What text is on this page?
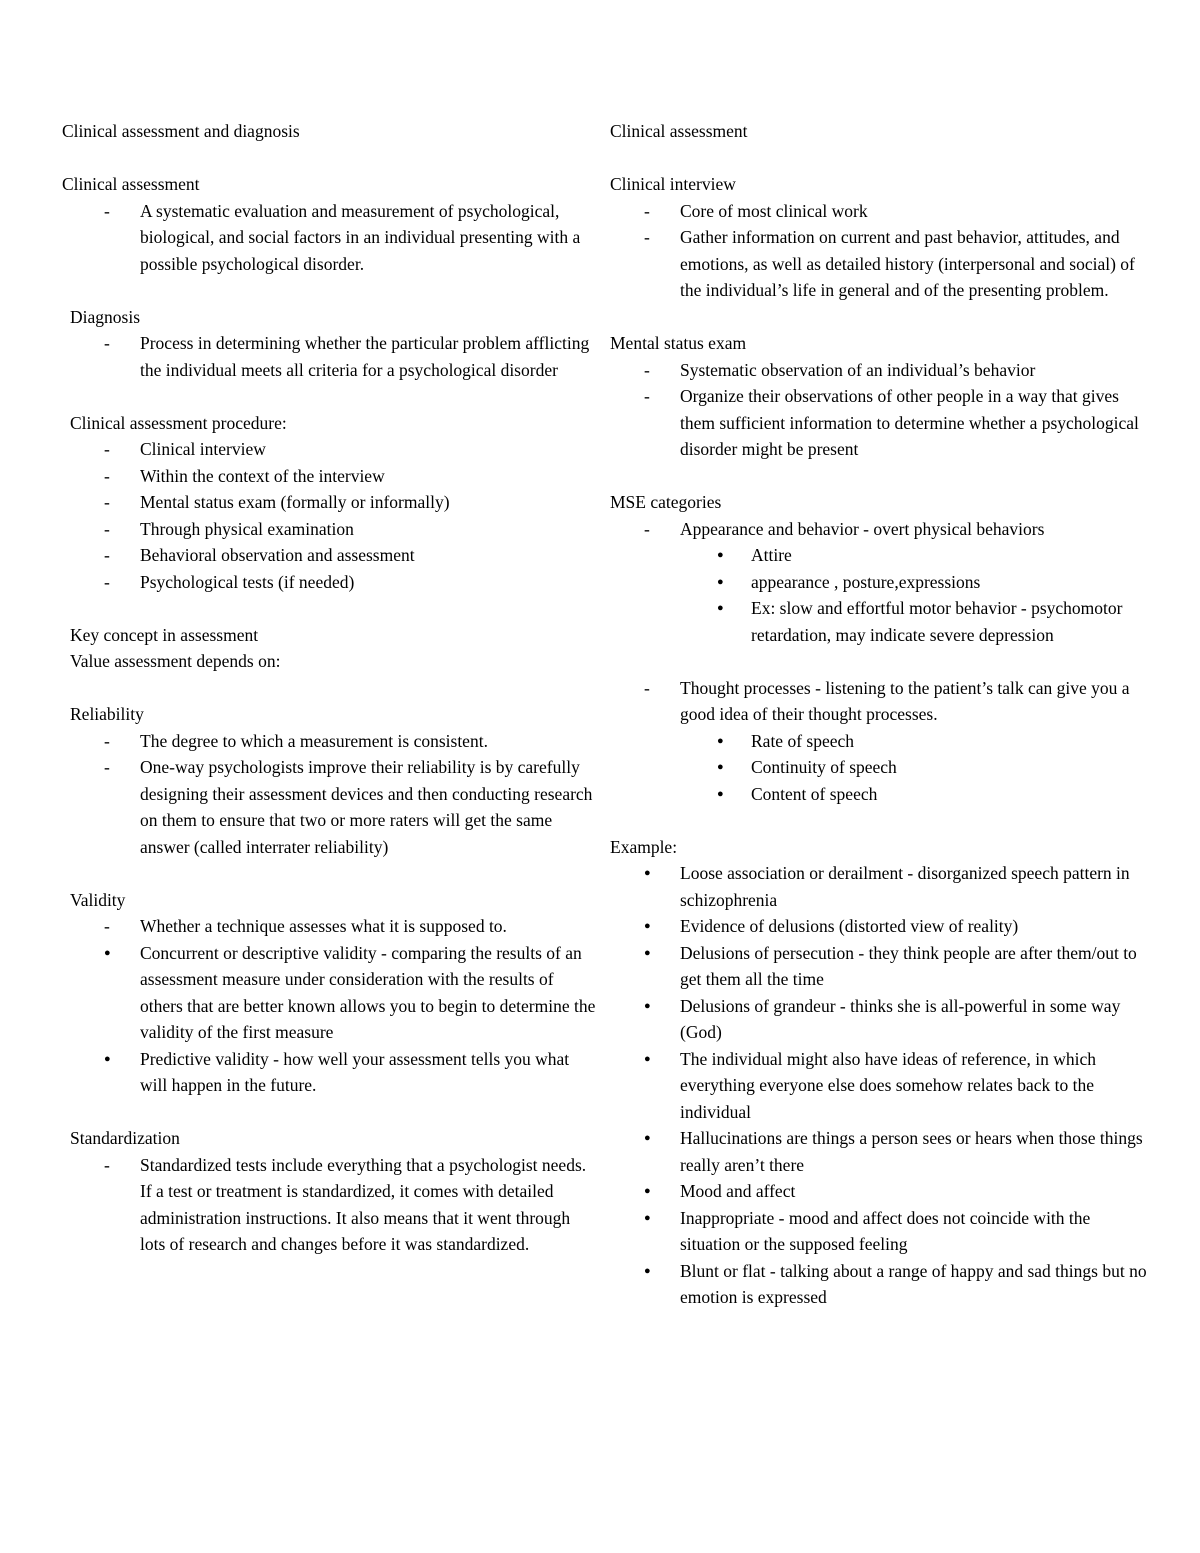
Clinical assessment and diagnosis
Clinical assessment
- A systematic evaluation and measurement of psychological, biological, and social factors in an individual presenting with a possible psychological disorder.
Diagnosis
- Process in determining whether the particular problem afflicting the individual meets all criteria for a psychological disorder
Clinical assessment procedure:
- Clinical interview
- Within the context of the interview
- Mental status exam (formally or informally)
- Through physical examination
- Behavioral observation and assessment
- Psychological tests (if needed)
Key concept in assessment
Value assessment depends on:
Reliability
- The degree to which a measurement is consistent.
- One-way psychologists improve their reliability is by carefully designing their assessment devices and then conducting research on them to ensure that two or more raters will get the same answer (called interrater reliability)
Validity
- Whether a technique assesses what it is supposed to.
● Concurrent or descriptive validity - comparing the results of an assessment measure under consideration with the results of others that are better known allows you to begin to determine the validity of the first measure
● Predictive validity - how well your assessment tells you what will happen in the future.
Standardization
- Standardized tests include everything that a psychologist needs. If a test or treatment is standardized, it comes with detailed administration instructions. It also means that it went through lots of research and changes before it was standardized.
Clinical assessment
Clinical interview
- Core of most clinical work
- Gather information on current and past behavior, attitudes, and emotions, as well as detailed history (interpersonal and social) of the individual’s life in general and of the presenting problem.
Mental status exam
- Systematic observation of an individual’s behavior
- Organize their observations of other people in a way that gives them sufficient information to determine whether a psychological disorder might be present
MSE categories
- Appearance and behavior - overt physical behaviors
● Attire
● appearance , posture,expressions
● Ex: slow and effortful motor behavior - psychomotor retardation, may indicate severe depression
- Thought processes - listening to the patient’s talk can give you a good idea of their thought processes.
● Rate of speech
● Continuity of speech
● Content of speech
Example:
● Loose association or derailment - disorganized speech pattern in schizophrenia
● Evidence of delusions (distorted view of reality)
● Delusions of persecution - they think people are after them/out to get them all the time
● Delusions of grandeur - thinks she is all-powerful in some way (God)
● The individual might also have ideas of reference, in which everything everyone else does somehow relates back to the individual
● Hallucinations are things a person sees or hears when those things really aren’t there
● Mood and affect
● Inappropriate - mood and affect does not coincide with the situation or the supposed feeling
● Blunt or flat - talking about a range of happy and sad things but no emotion is expressed
